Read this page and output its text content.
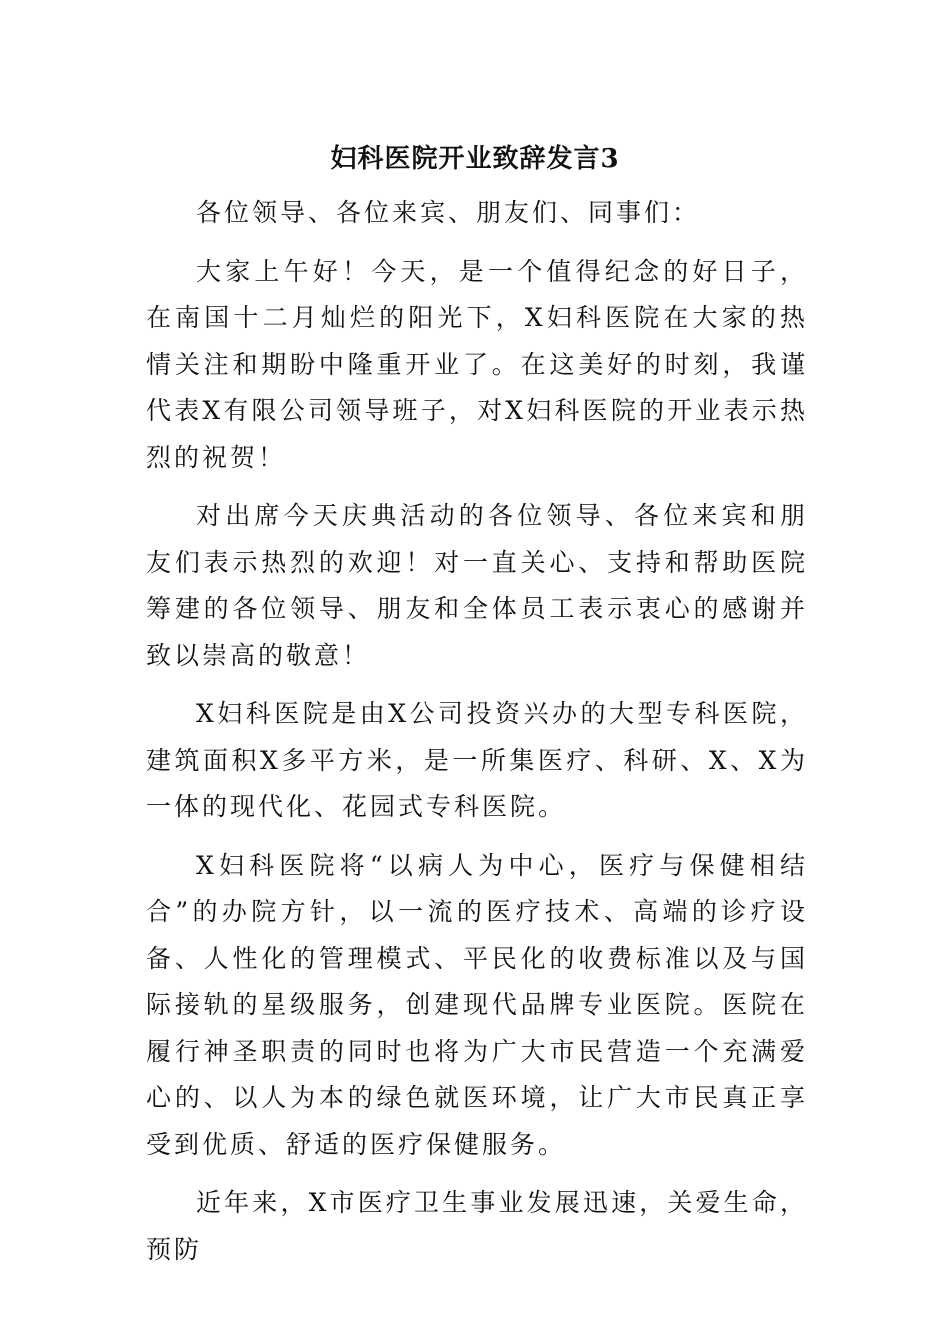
妇科医院开业致辞发言3

各位领导、各位来宾、朋友们、同事们：

大家上午好！今天，是一个值得纪念的好日子，在南国十二月灿烂的阳光下，X妇科医院在大家的热情关注和期盼中隆重开业了。在这美好的时刻，我谨代表X有限公司领导班子，对X妇科医院的开业表示热烈的祝贺！

对出席今天庆典活动的各位领导、各位来宾和朋友们表示热烈的欢迎！对一直关心、支持和帮助医院筹建的各位领导、朋友和全体员工表示衷心的感谢并致以崇高的敬意！

X妇科医院是由X公司投资兴办的大型专科医院，建筑面积X多平方米，是一所集医疗、科研、X、X为一体的现代化、花园式专科医院。

X妇科医院将“以病人为中心，医疗与保健相结合”的办院方针，以一流的医疗技术、高端的诊疗设备、人性化的管理模式、平民化的收费标准以及与国际接轨的星级服务，创建现代品牌专业医院。医院在履行神圣职责的同时也将为广大市民营造一个充满爱心的、以人为本的绿色就医环境，让广大市民真正享受到优质、舒适的医疗保健服务。

近年来，X市医疗卫生事业发展迅速，关爱生命，预防
